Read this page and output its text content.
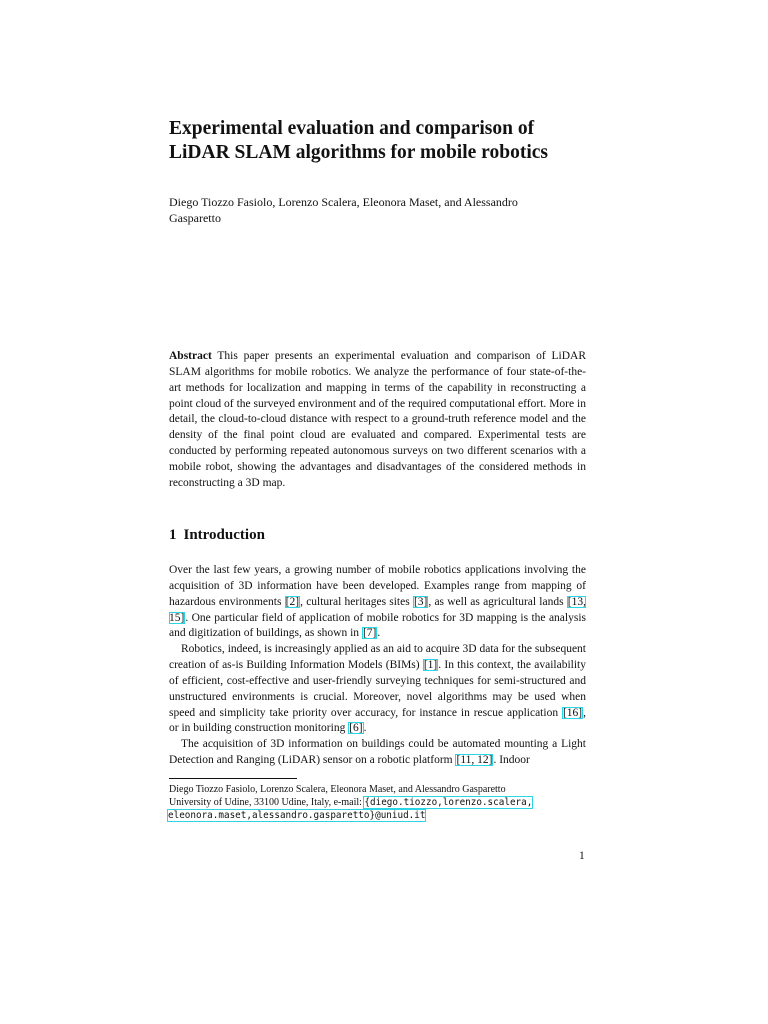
Experimental evaluation and comparison of
LiDAR SLAM algorithms for mobile robotics
Diego Tiozzo Fasiolo, Lorenzo Scalera, Eleonora Maset, and Alessandro
Gasparetto
Abstract This paper presents an experimental evaluation and comparison of LiDAR SLAM algorithms for mobile robotics. We analyze the performance of four state-of-the-art methods for localization and mapping in terms of the capability in reconstructing a point cloud of the surveyed environment and of the required computational effort. More in detail, the cloud-to-cloud distance with respect to a ground-truth reference model and the density of the final point cloud are evaluated and compared. Experimental tests are conducted by performing repeated autonomous surveys on two different scenarios with a mobile robot, showing the advantages and disadvantages of the considered methods in reconstructing a 3D map.
1 Introduction

Over the last few years, a growing number of mobile robotics applications involving the acquisition of 3D information have been developed. Examples range from mapping of hazardous environments [2], cultural heritages sites [3], as well as agricultural lands [13, 15]. One particular field of application of mobile robotics for 3D mapping is the analysis and digitization of buildings, as shown in [7].

Robotics, indeed, is increasingly applied as an aid to acquire 3D data for the subsequent creation of as-is Building Information Models (BIMs) [1]. In this context, the availability of efficient, cost-effective and user-friendly surveying techniques for semi-structured and unstructured environments is crucial. Moreover, novel algorithms may be used when speed and simplicity take priority over accuracy, for instance in rescue application [16], or in building construction monitoring [6].

The acquisition of 3D information on buildings could be automated mounting a Light Detection and Ranging (LiDAR) sensor on a robotic platform [11, 12]. Indoor

Diego Tiozzo Fasiolo, Lorenzo Scalera, Eleonora Maset, and Alessandro Gasparetto
University of Udine, 33100 Udine, Italy, e-mail: {diego.tiozzo,lorenzo.scalera,
eleonora.maset,alessandro.gasparetto}@uniud.it
1
